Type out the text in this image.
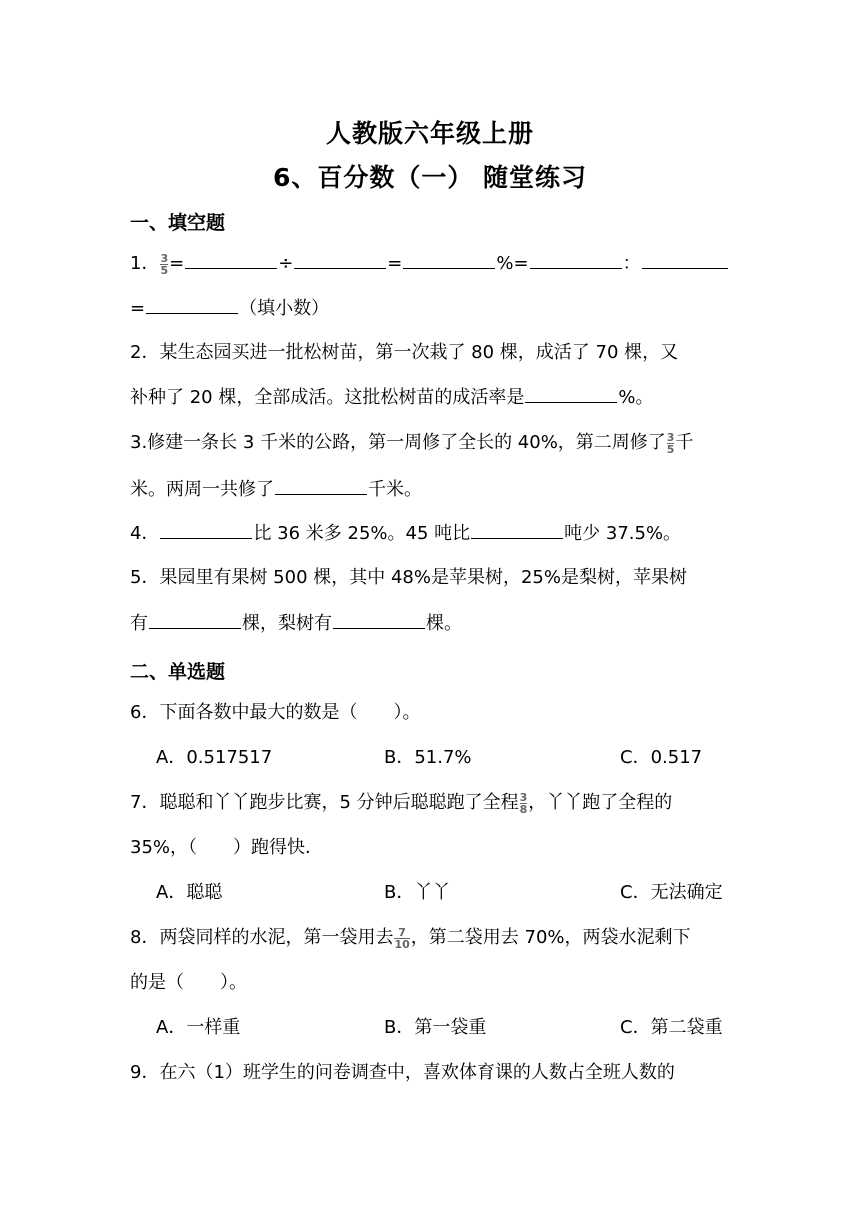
人教版六年级上册
6、百分数（一） 随堂练习
一、填空题
1． $\frac{3}{5}$ =	÷	=	%=	：
=	（填小数）
2．某生态园买进一批松树苗，第一次栽了 80 棵，成活了 70 棵，又
补种了 20 棵，全部成活。这批松树苗的成活率是	%。
3.修建一条长 3 千米的公路，第一周修了全长的 40%，第二周修了 $\frac{3}{5}$ 千
米。两周一共修了	千米。
4．	比 36 米多 25%。45 吨比	吨少 37.5%。
5．果园里有果树 500 棵，其中 48%是苹果树，25%是梨树，苹果树
有	棵，梨树有	棵。
二、单选题
6．下面各数中最大的数是（　　）。
A．0.517517	B．51.7%	C．0.517
7．聪聪和丫丫跑步比赛，5 分钟后聪聪跑了全程 $\frac{3}{8}$ ，丫丫跑了全程的
35%，（　　）跑得快.
A．聪聪	B．丫丫	C．无法确定
8．两袋同样的水泥，第一袋用去 $\frac{7}{10}$ ，第二袋用去 70%，两袋水泥剩下
的是（　　）。
A．一样重	B．第一袋重	C．第二袋重
9．在六（1）班学生的问卷调查中，喜欢体育课的人数占全班人数的
